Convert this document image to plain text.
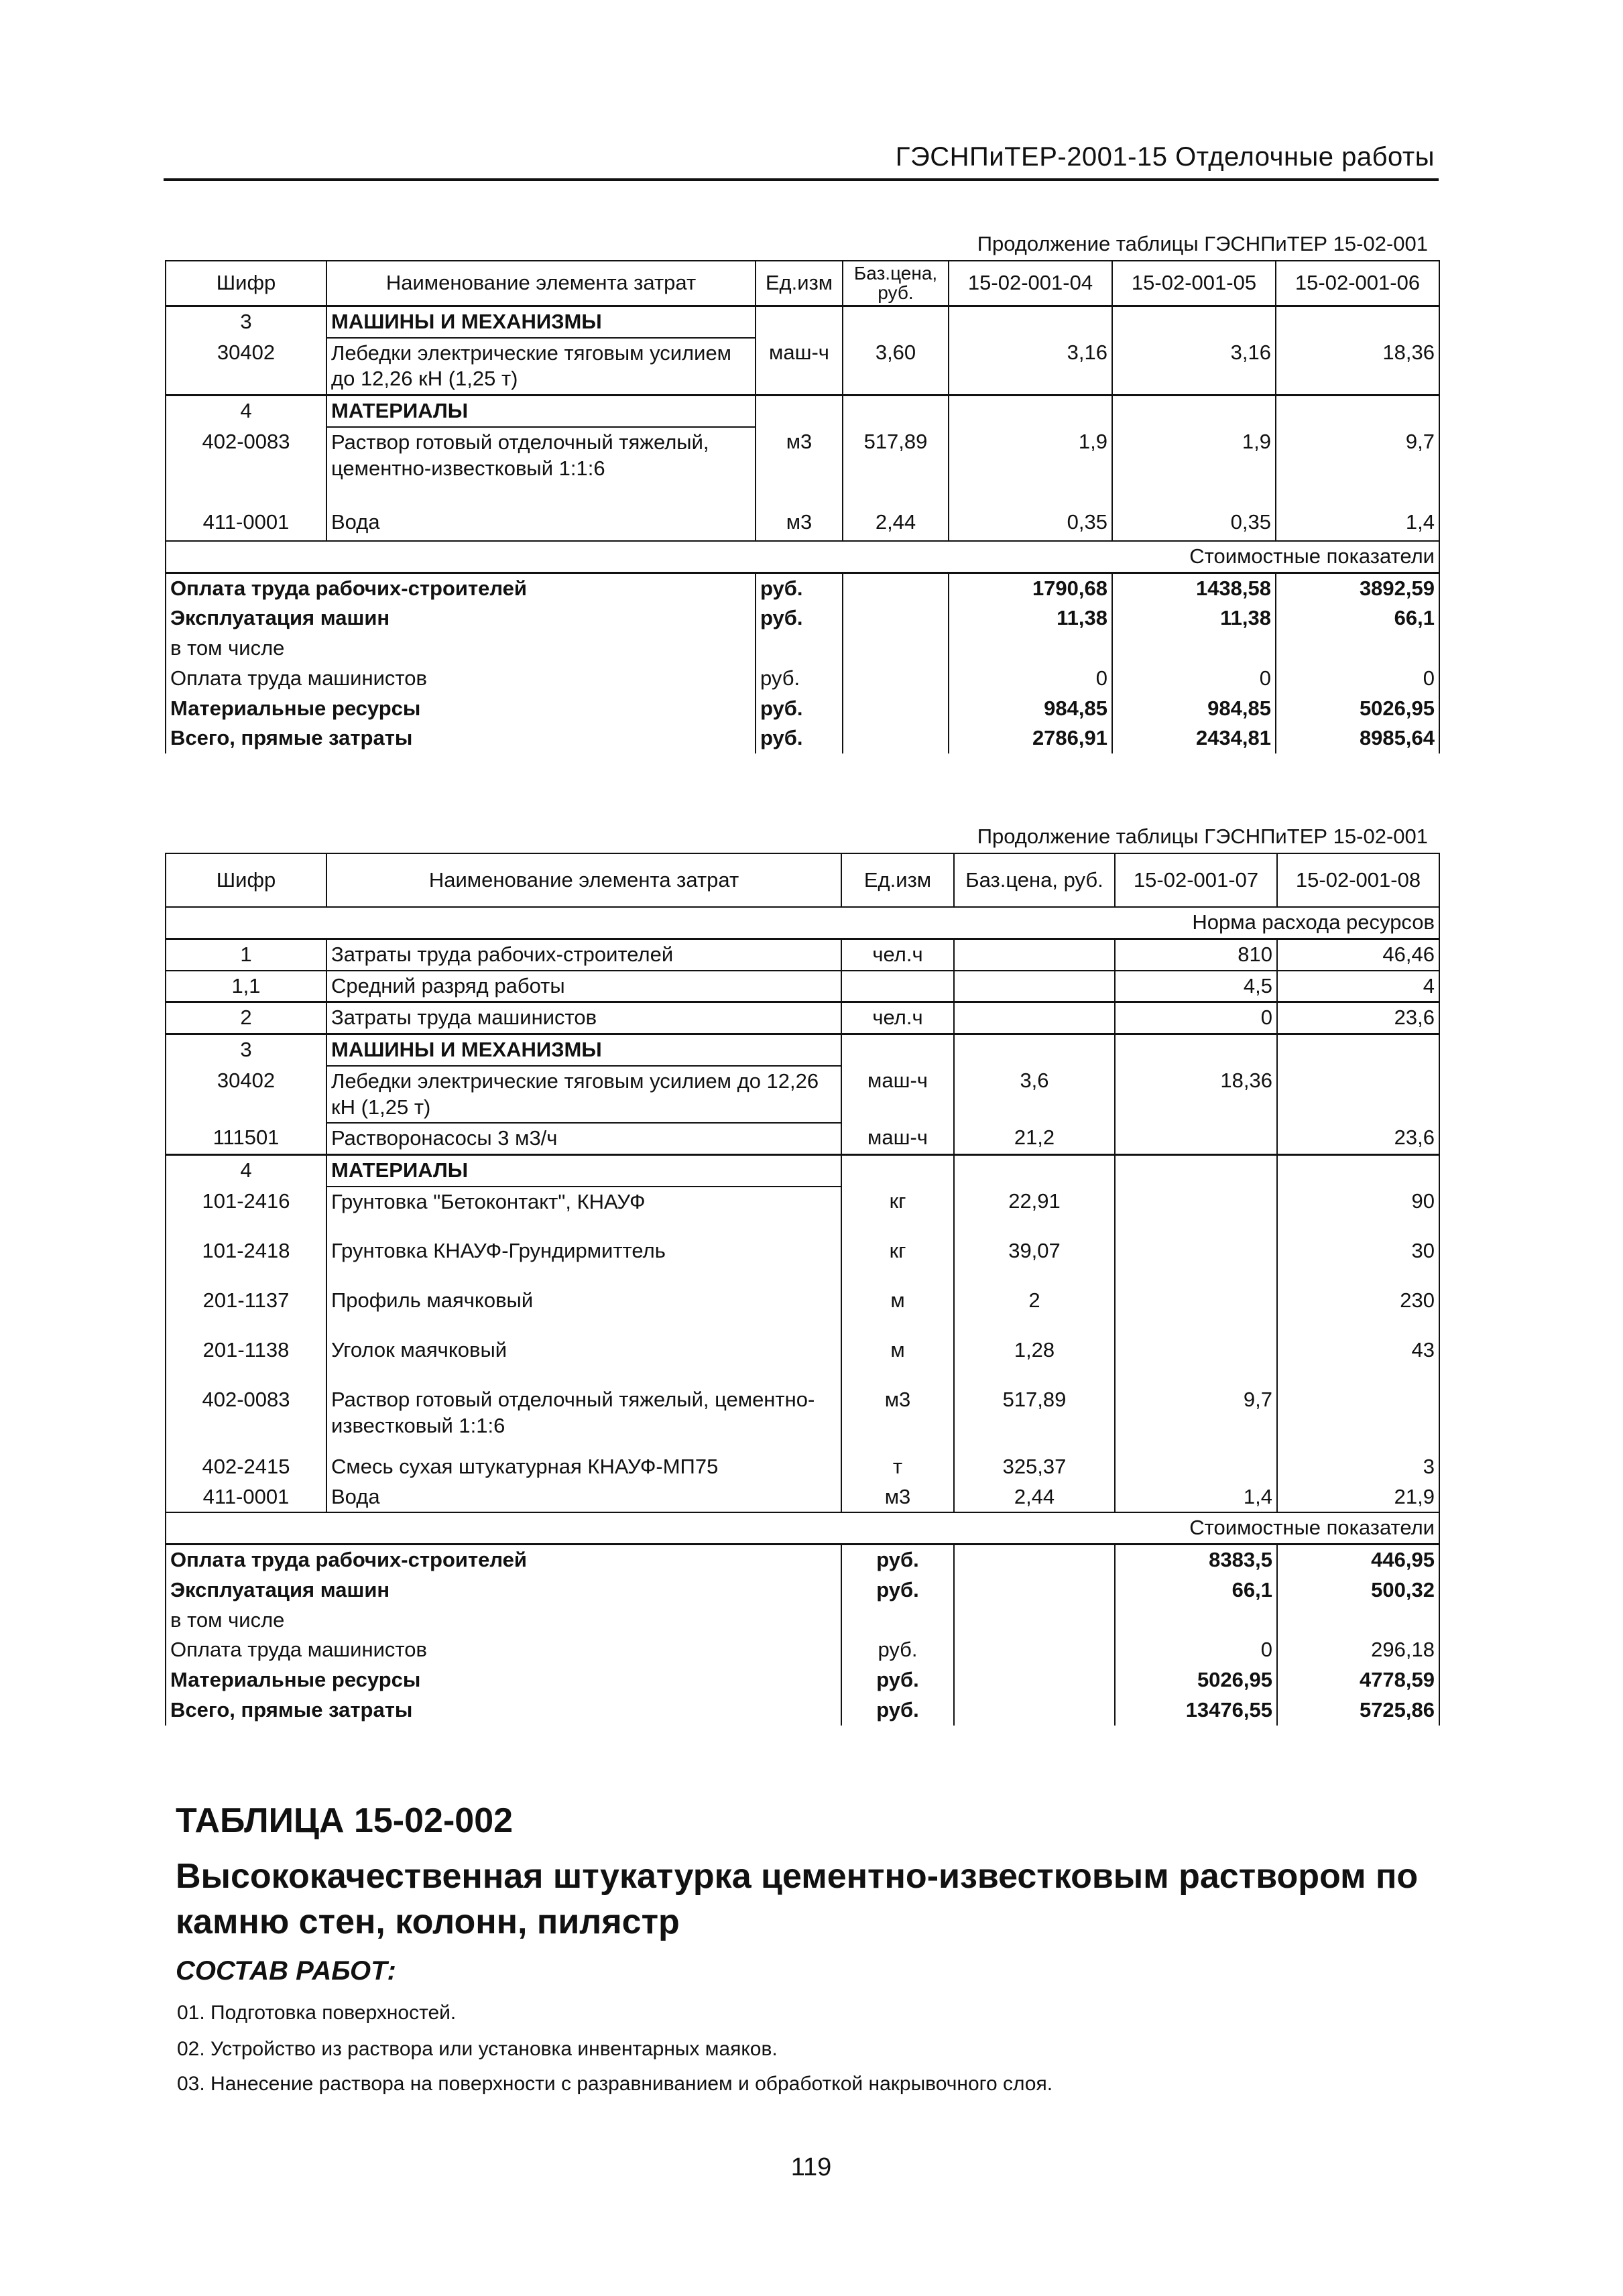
ГЭСНПиТЕР-2001-15 Отделочные работы
Продолжение таблицы ГЭСНПиТЕР 15-02-001
Шифр	Наименование элемента затрат	Ед.изм	Баз.цена, руб.	15-02-001-04	15-02-001-05	15-02-001-06
3	МАШИНЫ И МЕХАНИЗМЫ					
30402	Лебедки электрические тяговым усилием до 12,26 кН (1,25 т)	маш-ч	3,60	3,16	3,16	18,36
4	МАТЕРИАЛЫ					
402-0083	Раствор готовый отделочный тяжелый, цементно-известковый 1:1:6	м3	517,89	1,9	1,9	9,7
411-0001	Вода	м3	2,44	0,35	0,35	1,4
Стоимостные показатели						
Оплата труда рабочих-строителей		руб.		1790,68	1438,58	3892,59
Эксплуатация машин		руб.		11,38	11,38	66,1
в том числе						
Оплата труда машинистов		руб.		0	0	0
Материальные ресурсы		руб.		984,85	984,85	5026,95
Всего, прямые затраты		руб.		2786,91	2434,81	8985,64
Продолжение таблицы ГЭСНПиТЕР 15-02-001
Шифр	Наименование элемента затрат	Ед.изм	Баз.цена, руб.	15-02-001-07	15-02-001-08
Норма расхода ресурсов					
1	Затраты труда рабочих-строителей	чел.ч		810	46,46
1,1	Средний разряд работы			4,5	4
2	Затраты труда машинистов	чел.ч		0	23,6
3	МАШИНЫ И МЕХАНИЗМЫ				
30402	Лебедки электрические тяговым усилием до 12,26 кН (1,25 т)	маш-ч	3,6	18,36	
111501	Растворонасосы 3 м3/ч	маш-ч	21,2		23,6
4	МАТЕРИАЛЫ				
101-2416	Грунтовка "Бетоконтакт", КНАУФ	кг	22,91		90
101-2418	Грунтовка КНАУФ-Грундирмиттель	кг	39,07		30
201-1137	Профиль маячковый	м	2		230
201-1138	Уголок маячковый	м	1,28		43
402-0083	Раствор готовый отделочный тяжелый, цементно-известковый 1:1:6	м3	517,89	9,7	
402-2415	Смесь сухая штукатурная КНАУФ-МП75	т	325,37		3
411-0001	Вода	м3	2,44	1,4	21,9
Стоимостные показатели					
Оплата труда рабочих-строителей		руб.		8383,5	446,95
Эксплуатация машин		руб.		66,1	500,32
в том числе					
Оплата труда машинистов		руб.		0	296,18
Материальные ресурсы		руб.		5026,95	4778,59
Всего, прямые затраты		руб.		13476,55	5725,86
ТАБЛИЦА 15-02-002
Высококачественная штукатурка цементно-известковым раствором по камню стен, колонн, пилястр
СОСТАВ РАБОТ:
01. Подготовка поверхностей.
02. Устройство из раствора или установка инвентарных маяков.
03. Нанесение раствора на поверхности с разравниванием и обработкой накрывочного слоя.
119
